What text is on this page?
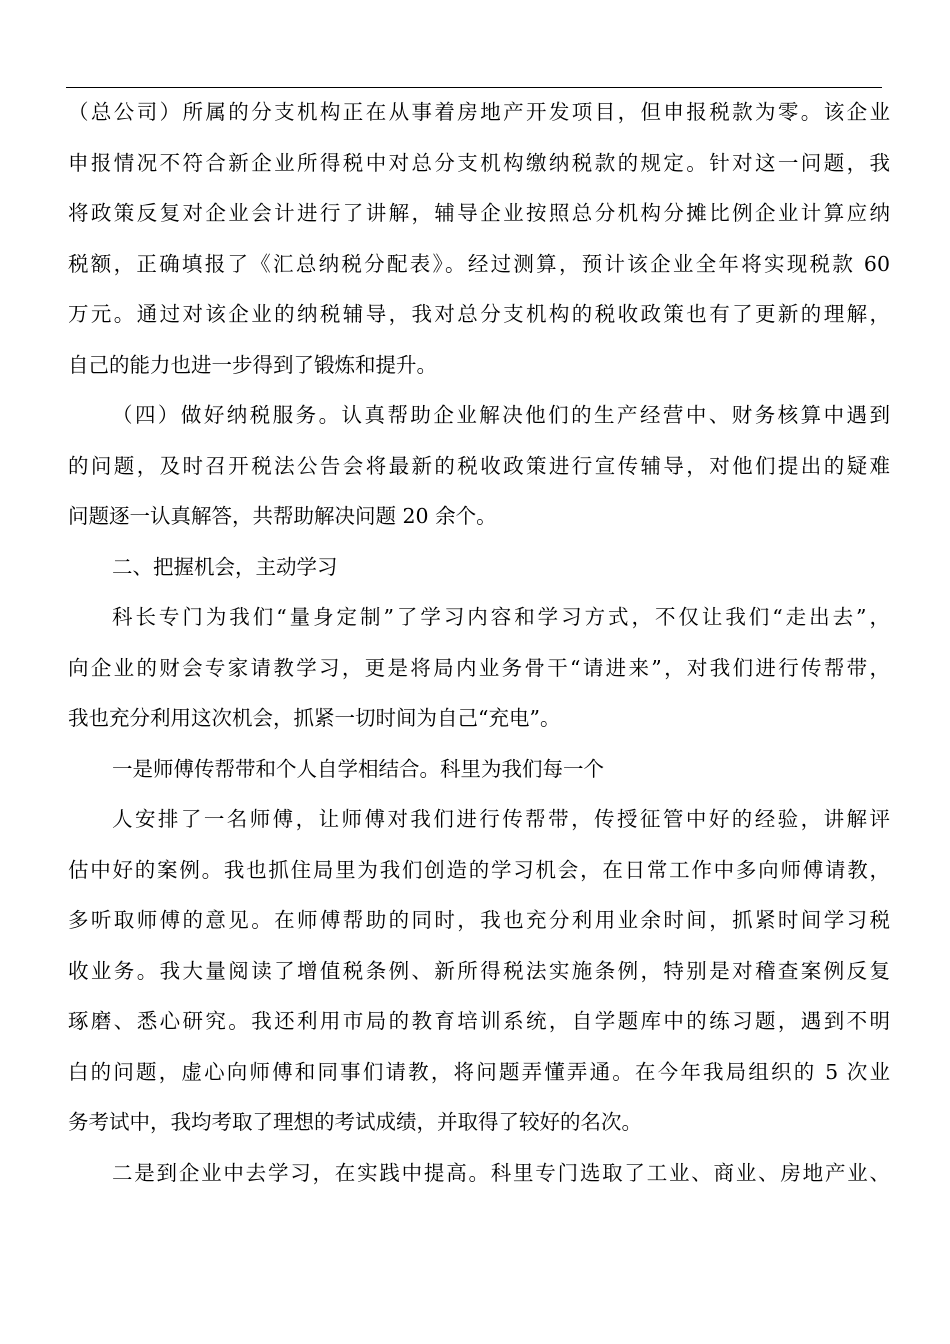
（总公司）所属的分支机构正在从事着房地产开发项目，但申报税款为零。该企业
申报情况不符合新企业所得税中对总分支机构缴纳税款的规定。针对这一问题，我
将政策反复对企业会计进行了讲解，辅导企业按照总分机构分摊比例企业计算应纳
税额，正确填报了《汇总纳税分配表》。经过测算，预计该企业全年将实现税款 60
万元。通过对该企业的纳税辅导，我对总分支机构的税收政策也有了更新的理解，
自己的能力也进一步得到了锻炼和提升。
（四）做好纳税服务。认真帮助企业解决他们的生产经营中、财务核算中遇到
的问题，及时召开税法公告会将最新的税收政策进行宣传辅导，对他们提出的疑难
问题逐一认真解答，共帮助解决问题 20 余个。
二、把握机会，主动学习
科长专门为我们“量身定制”了学习内容和学习方式，不仅让我们“走出去”，
向企业的财会专家请教学习，更是将局内业务骨干“请进来”，对我们进行传帮带，
我也充分利用这次机会，抓紧一切时间为自己“充电”。
一是师傅传帮带和个人自学相结合。科里为我们每一个
人安排了一名师傅，让师傅对我们进行传帮带，传授征管中好的经验，讲解评
估中好的案例。我也抓住局里为我们创造的学习机会，在日常工作中多向师傅请教，
多听取师傅的意见。在师傅帮助的同时，我也充分利用业余时间，抓紧时间学习税
收业务。我大量阅读了增值税条例、新所得税法实施条例，特别是对稽查案例反复
琢磨、悉心研究。我还利用市局的教育培训系统，自学题库中的练习题，遇到不明
白的问题，虚心向师傅和同事们请教，将问题弄懂弄通。在今年我局组织的 5 次业
务考试中，我均考取了理想的考试成绩，并取得了较好的名次。
二是到企业中去学习，在实践中提高。科里专门选取了工业、商业、房地产业、
